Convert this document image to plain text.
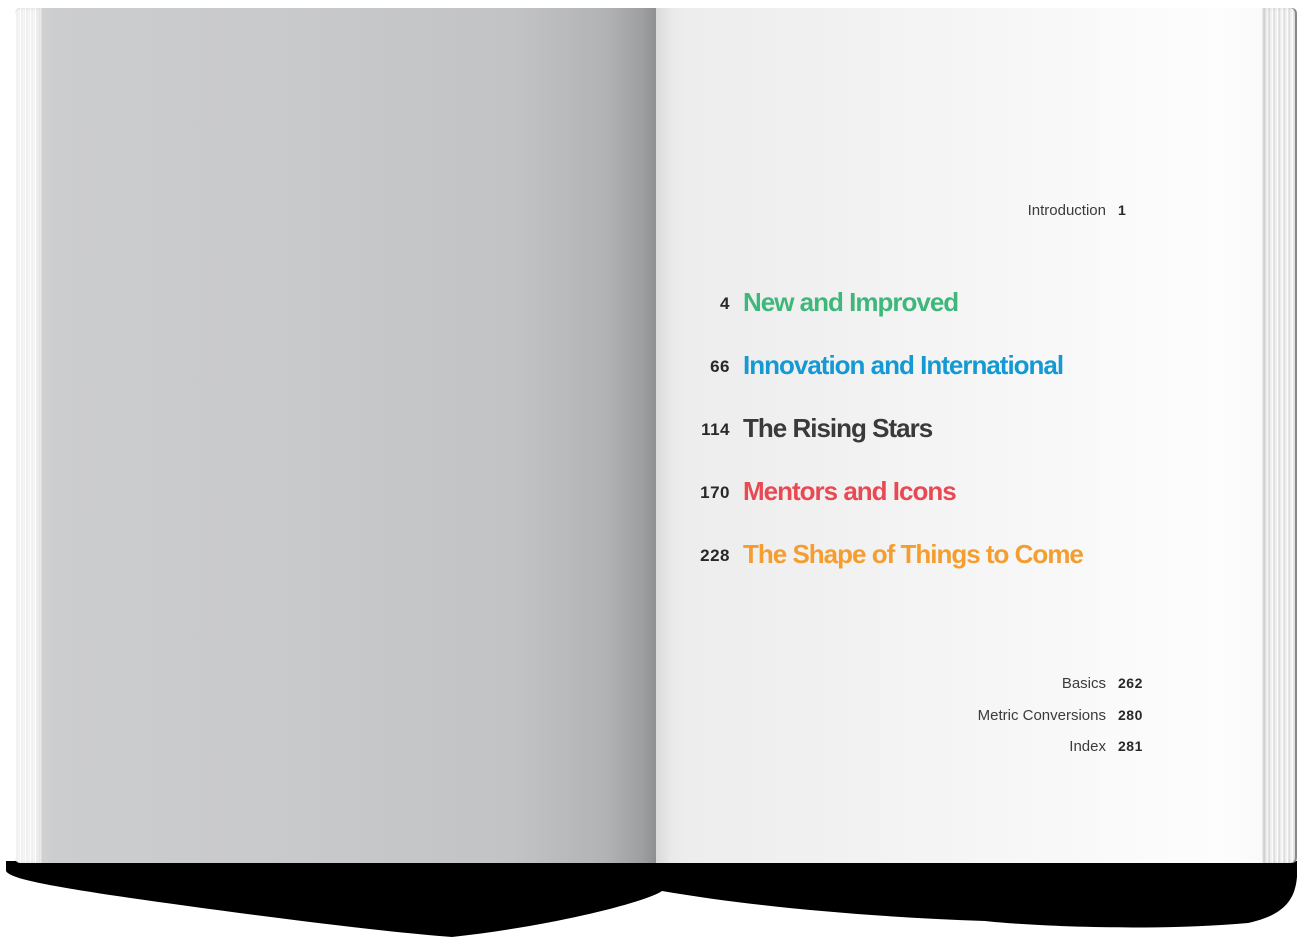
Introduction 1
4 New and Improved
66 Innovation and International
114 The Rising Stars
170 Mentors and Icons
228 The Shape of Things to Come
Basics 262
Metric Conversions 280
Index 281
